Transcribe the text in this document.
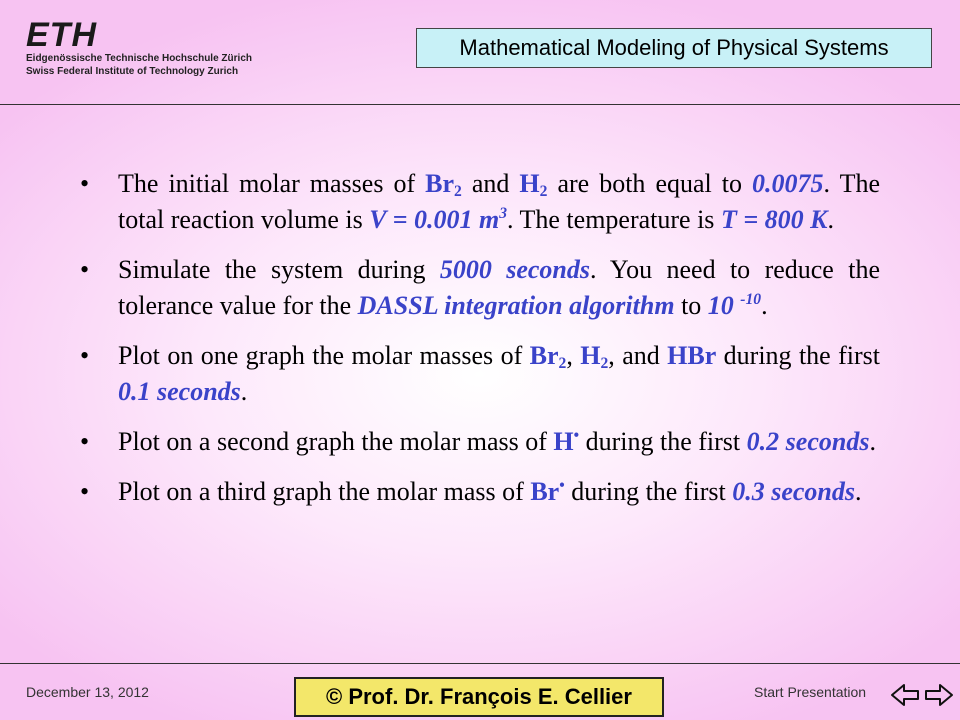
ETH
Eidgenössische Technische Hochschule Zürich
Swiss Federal Institute of Technology Zurich
Mathematical Modeling of Physical Systems
• The initial molar masses of $Br_2$ and $H_2$ are both equal to 0.0075. The total reaction volume is V = 0.001 $m^3$. The temperature is T = 800 K.
• Simulate the system during 5000 seconds. You need to reduce the tolerance value for the DASSL integration algorithm to 10 $^{-10}$.
• Plot on one graph the molar masses of $Br_2$, $H_2$, and HBr during the first 0.1 seconds.
• Plot on a second graph the molar mass of H• during the first 0.2 seconds.
• Plot on a third graph the molar mass of Br• during the first 0.3 seconds.
December 13, 2012	© Prof. Dr. François E. Cellier	Start Presentation
